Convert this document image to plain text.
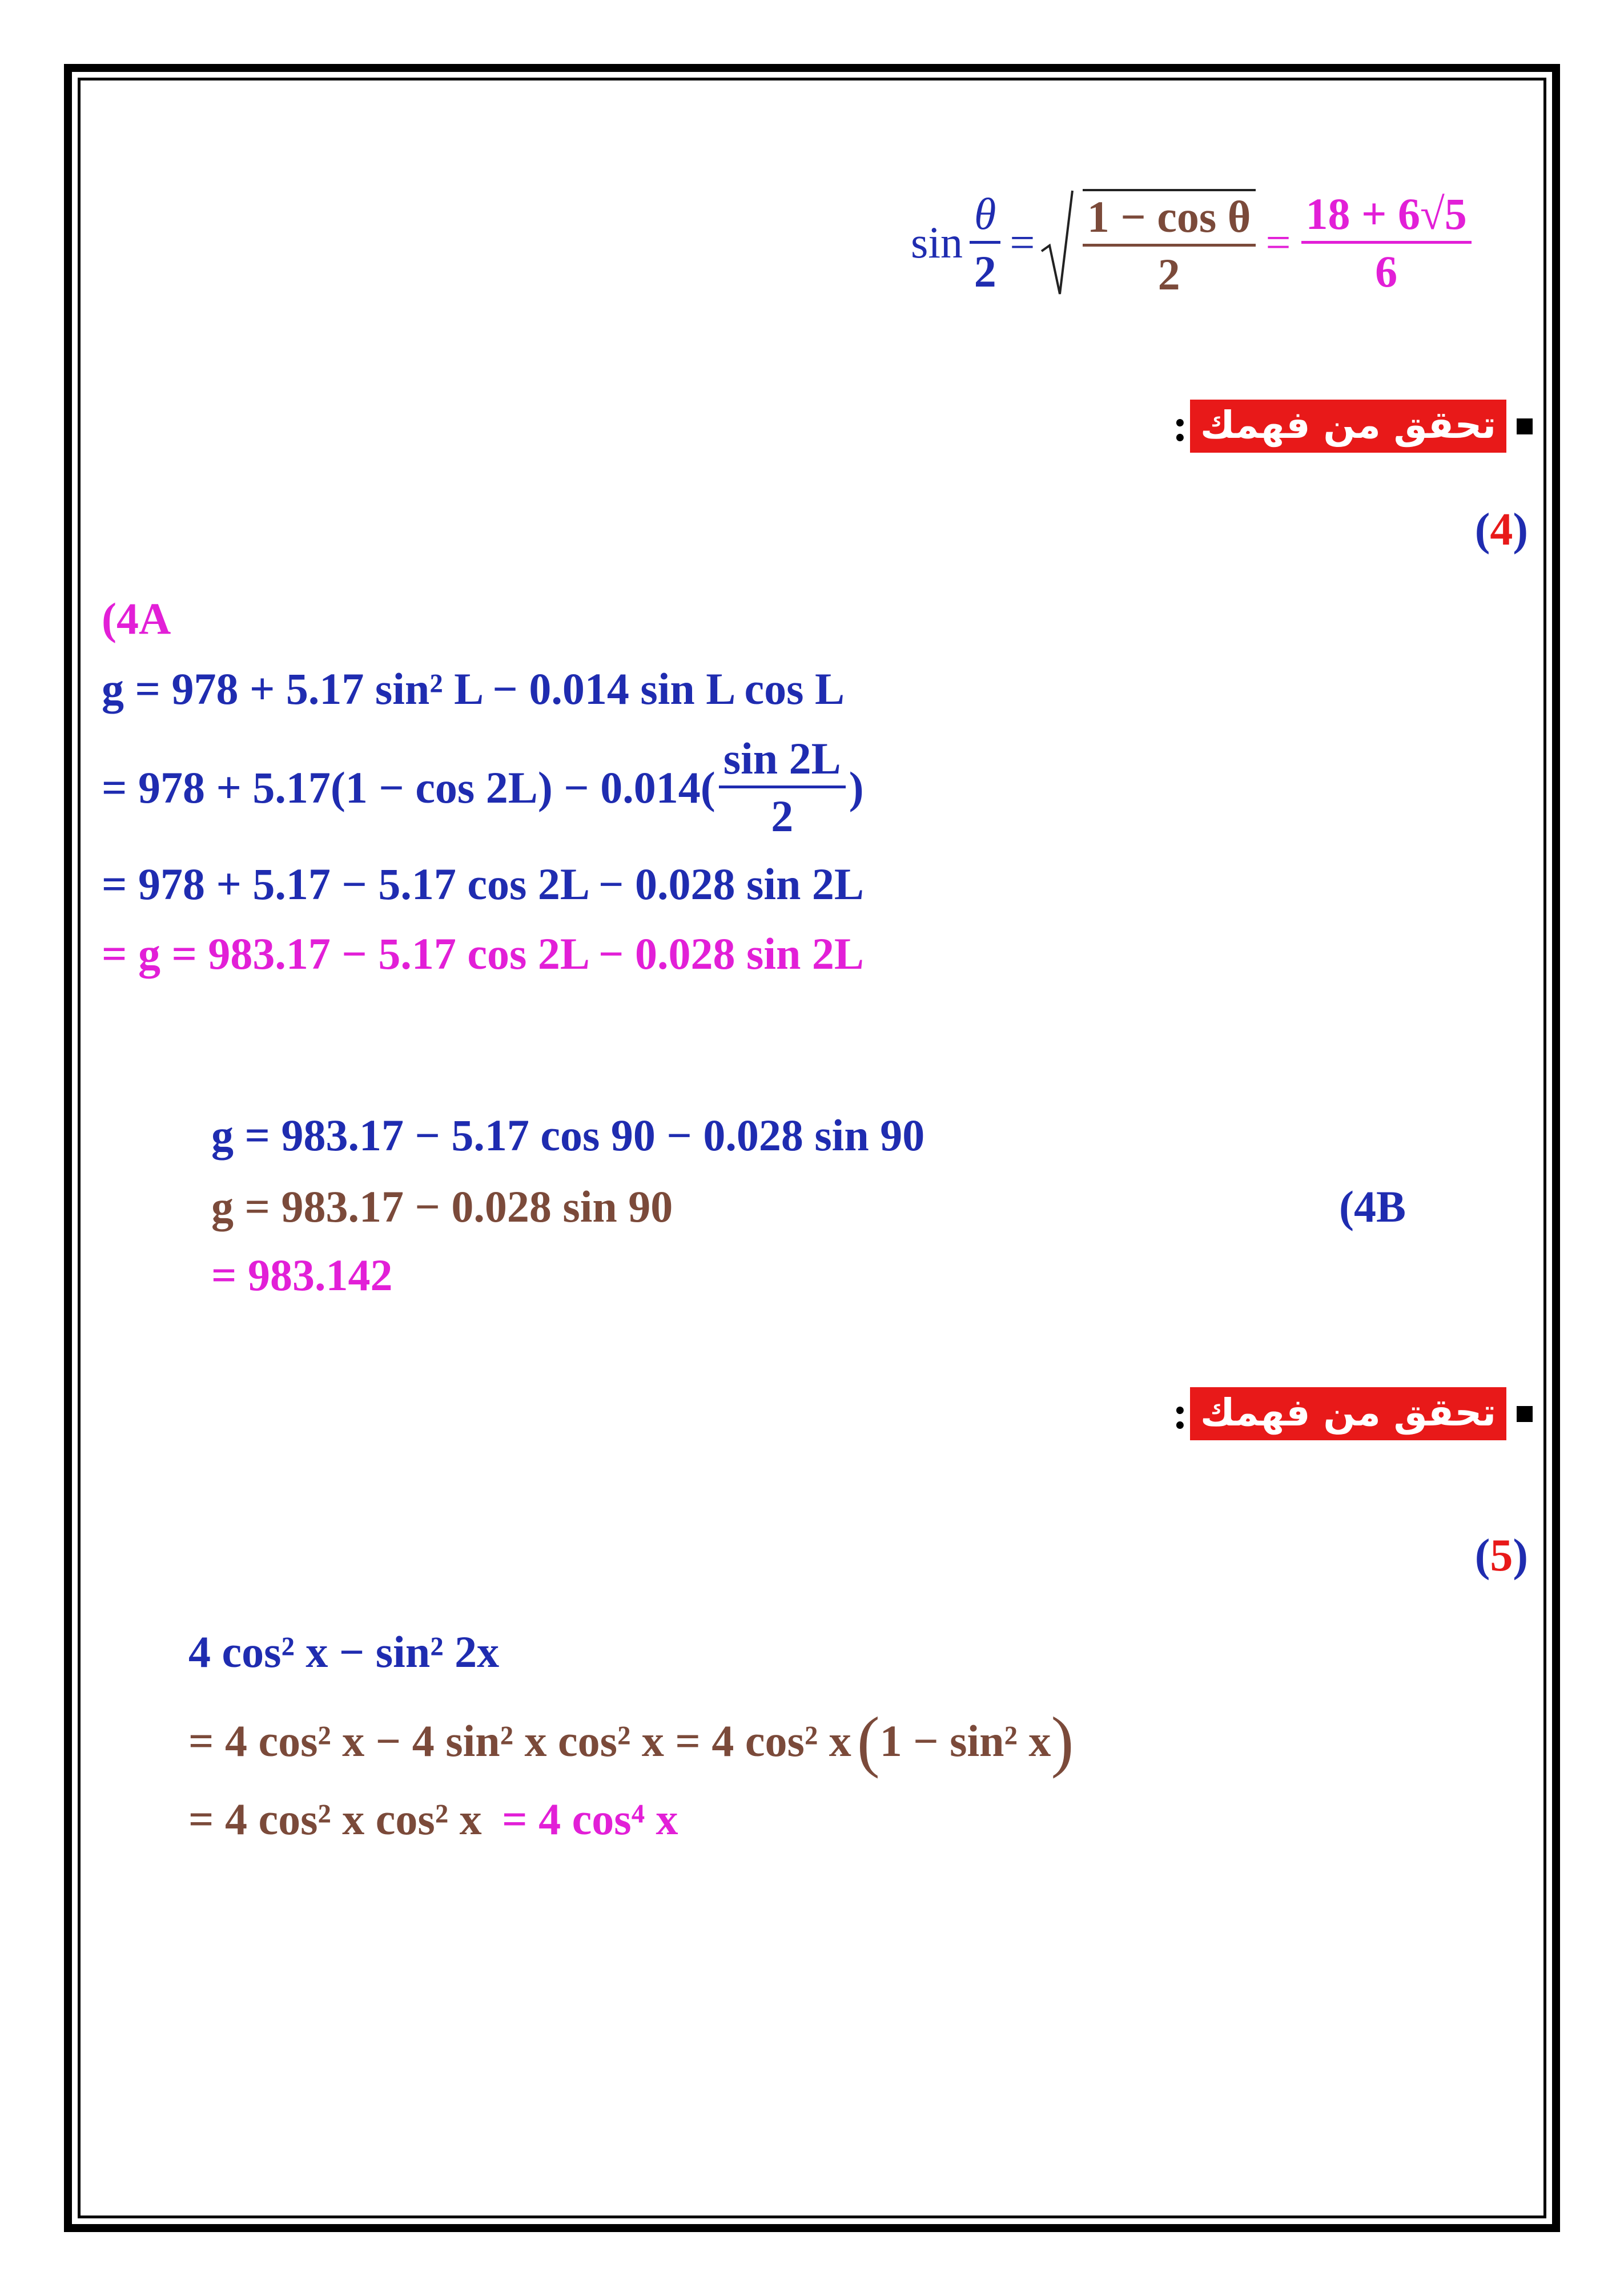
$\sin \frac{\theta}{2}$ =
$\frac{\text{1 − cos θ}}{2} = \frac{18 + 6√5}{6}$
: تحقق من فهمك
(4)
(4A
g = 978 + 5.17 sin² L − 0.014 sin L cos L
= $978 + 5.17(1 - \cos 2L) - 0.014( \frac{\sin 2L}{2}$ )
= 978 + 5.17 − 5.17 cos 2L − 0.028 sin 2L
= g = 983.17 − 5.17 cos 2L − 0.028 sin 2L
g = 983.17 − 5.17 cos 90 − 0.028 sin 90
g = 983.17 − 0.028 sin 90	(4B
= 983.142
: تحقق من فهمك
(5)
4 cos² x − sin² 2x
= 4 cos² x − 4 sin² x cos² x = 4 cos² x ( 1 − sin² x )
= 4 cos² x cos² x = 4 cos⁴ x
